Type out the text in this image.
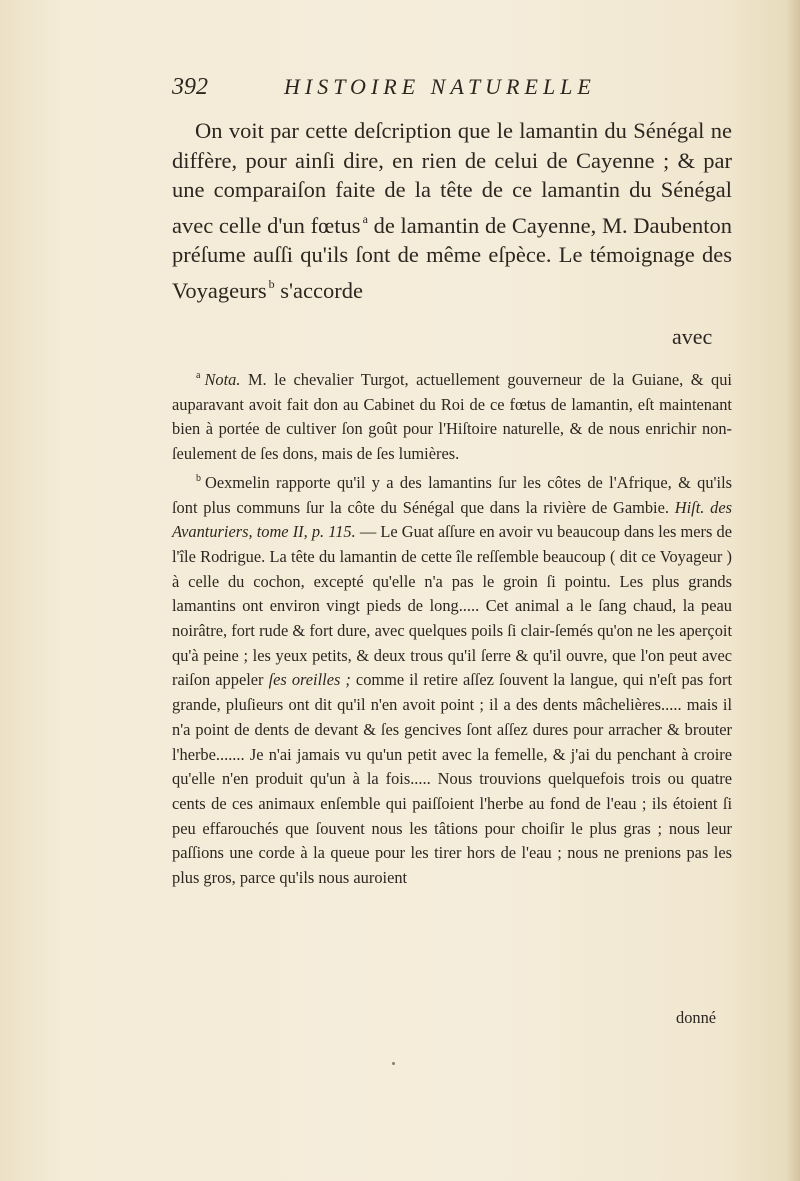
392	HISTOIRE NATURELLE

On voit par cette deſcription que le lamantin du Sénégal ne diffère, pour ainſi dire, en rien de celui de Cayenne ; & par une comparaiſon faite de la tête de ce lamantin du Sénégal avec celle d'un fœtus $^a$ de lamantin de Cayenne, M. Daubenton préſume auſſi qu'ils ſont de même eſpèce. Le témoignage des Voyageurs $^b$ s'accorde

avec

$^a$ Nota. M. le chevalier Turgot, actuellement gouverneur de la Guiane, & qui auparavant avoit fait don au Cabinet du Roi de ce fœtus de lamantin, eſt maintenant bien à portée de cultiver ſon goût pour l'Hiſtoire naturelle, & de nous enrichir non-ſeulement de ſes dons, mais de ſes lumières.

$^b$ Oexmelin rapporte qu'il y a des lamantins ſur les côtes de l'Afrique, & qu'ils ſont plus communs ſur la côte du Sénégal que dans la rivière de Gambie. Hiſt. des Avanturiers, tome II, p. 115. — Le Guat aſſure en avoir vu beaucoup dans les mers de l'île Rodrigue. La tête du lamantin de cette île reſſemble beaucoup ( dit ce Voyageur ) à celle du cochon, excepté qu'elle n'a pas le groin ſi pointu. Les plus grands lamantins ont environ vingt pieds de long..... Cet animal a le ſang chaud, la peau noirâtre, fort rude & fort dure, avec quelques poils ſi clair-ſemés qu'on ne les aperçoit qu'à peine ; les yeux petits, & deux trous qu'il ſerre & qu'il ouvre, que l'on peut avec raiſon appeler ſes oreilles ; comme il retire aſſez ſouvent la langue, qui n'eſt pas fort grande, pluſieurs ont dit qu'il n'en avoit point ; il a des dents mâchelières..... mais il n'a point de dents de devant & ſes gencives ſont aſſez dures pour arracher & brouter l'herbe....... Je n'ai jamais vu qu'un petit avec la femelle, & j'ai du penchant à croire qu'elle n'en produit qu'un à la fois..... Nous trouvions quelquefois trois ou quatre cents de ces animaux enſemble qui paiſſoient l'herbe au fond de l'eau ; ils étoient ſi peu effarouchés que ſouvent nous les tâtions pour choiſir le plus gras ; nous leur paſſions une corde à la queue pour les tirer hors de l'eau ; nous ne prenions pas les plus gros, parce qu'ils nous auroient

donné
